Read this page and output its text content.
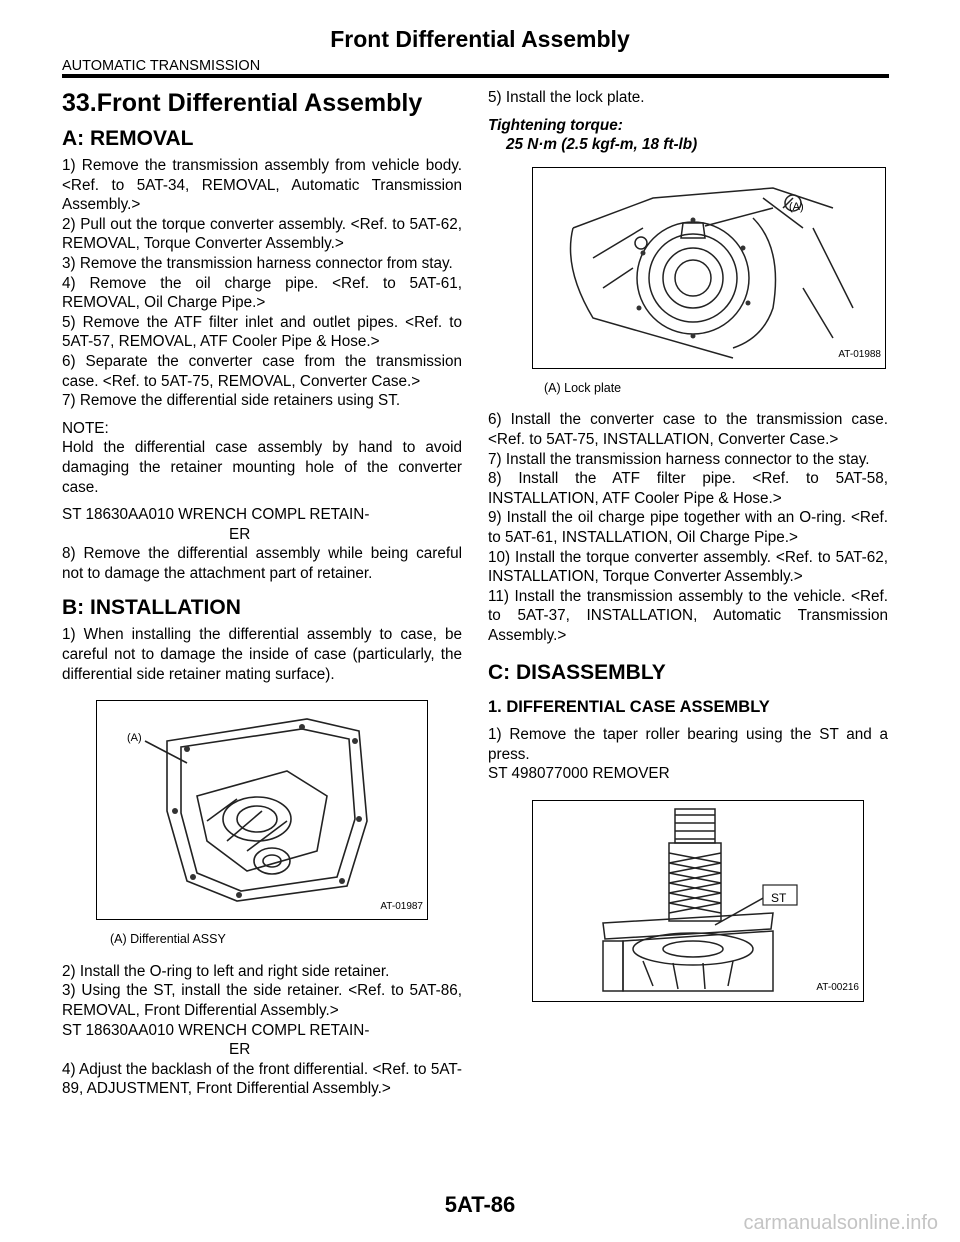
Front Differential Assembly
AUTOMATIC TRANSMISSION
33.Front Differential Assembly
A: REMOVAL

1) Remove the transmission assembly from vehicle body. <Ref. to 5AT-34, REMOVAL, Automatic Transmission Assembly.>

2) Pull out the torque converter assembly. <Ref. to 5AT-62, REMOVAL, Torque Converter Assembly.>

3) Remove the transmission harness connector from stay.

4) Remove the oil charge pipe. <Ref. to 5AT-61, REMOVAL, Oil Charge Pipe.>

5) Remove the ATF filter inlet and outlet pipes. <Ref. to 5AT-57, REMOVAL, ATF Cooler Pipe & Hose.>

6) Separate the converter case from the transmission case. <Ref. to 5AT-75, REMOVAL, Converter Case.>

7) Remove the differential side retainers using ST.

NOTE:

Hold the differential case assembly by hand to avoid damaging the retainer mounting hole of the converter case.

ST 18630AA010 WRENCH COMPL RETAIN-

ER

8) Remove the differential assembly while being careful not to damage the attachment part of retainer.

B: INSTALLATION

1) When installing the differential assembly to case, be careful not to damage the inside of case (particularly, the differential side retainer mating surface).

(A)
AT-01987
(A) Differential ASSY

2) Install the O-ring to left and right side retainer.

3) Using the ST, install the side retainer. <Ref. to 5AT-86, REMOVAL, Front Differential Assembly.>

ST 18630AA010 WRENCH COMPL RETAIN-

ER

4) Adjust the backlash of the front differential. <Ref. to 5AT-89, ADJUSTMENT, Front Differential Assembly.>

5) Install the lock plate.

Tightening torque:

25 N·m (2.5 kgf-m, 18 ft-lb)

(A)
AT-01988
(A) Lock plate

6) Install the converter case to the transmission case. <Ref. to 5AT-75, INSTALLATION, Converter Case.>

7) Install the transmission harness connector to the stay.

8) Install the ATF filter pipe. <Ref. to 5AT-58, INSTALLATION, ATF Cooler Pipe & Hose.>

9) Install the oil charge pipe together with an O-ring. <Ref. to 5AT-61, INSTALLATION, Oil Charge Pipe.>

10) Install the torque converter assembly. <Ref. to 5AT-62, INSTALLATION, Torque Converter Assembly.>

11) Install the transmission assembly to the vehicle. <Ref. to 5AT-37, INSTALLATION, Automatic Transmission Assembly.>

C: DISASSEMBLY
1. DIFFERENTIAL CASE ASSEMBLY

1) Remove the taper roller bearing using the ST and a press.

ST 498077000 REMOVER

ST
AT-00216
5AT-86
carmanualsonline.info
